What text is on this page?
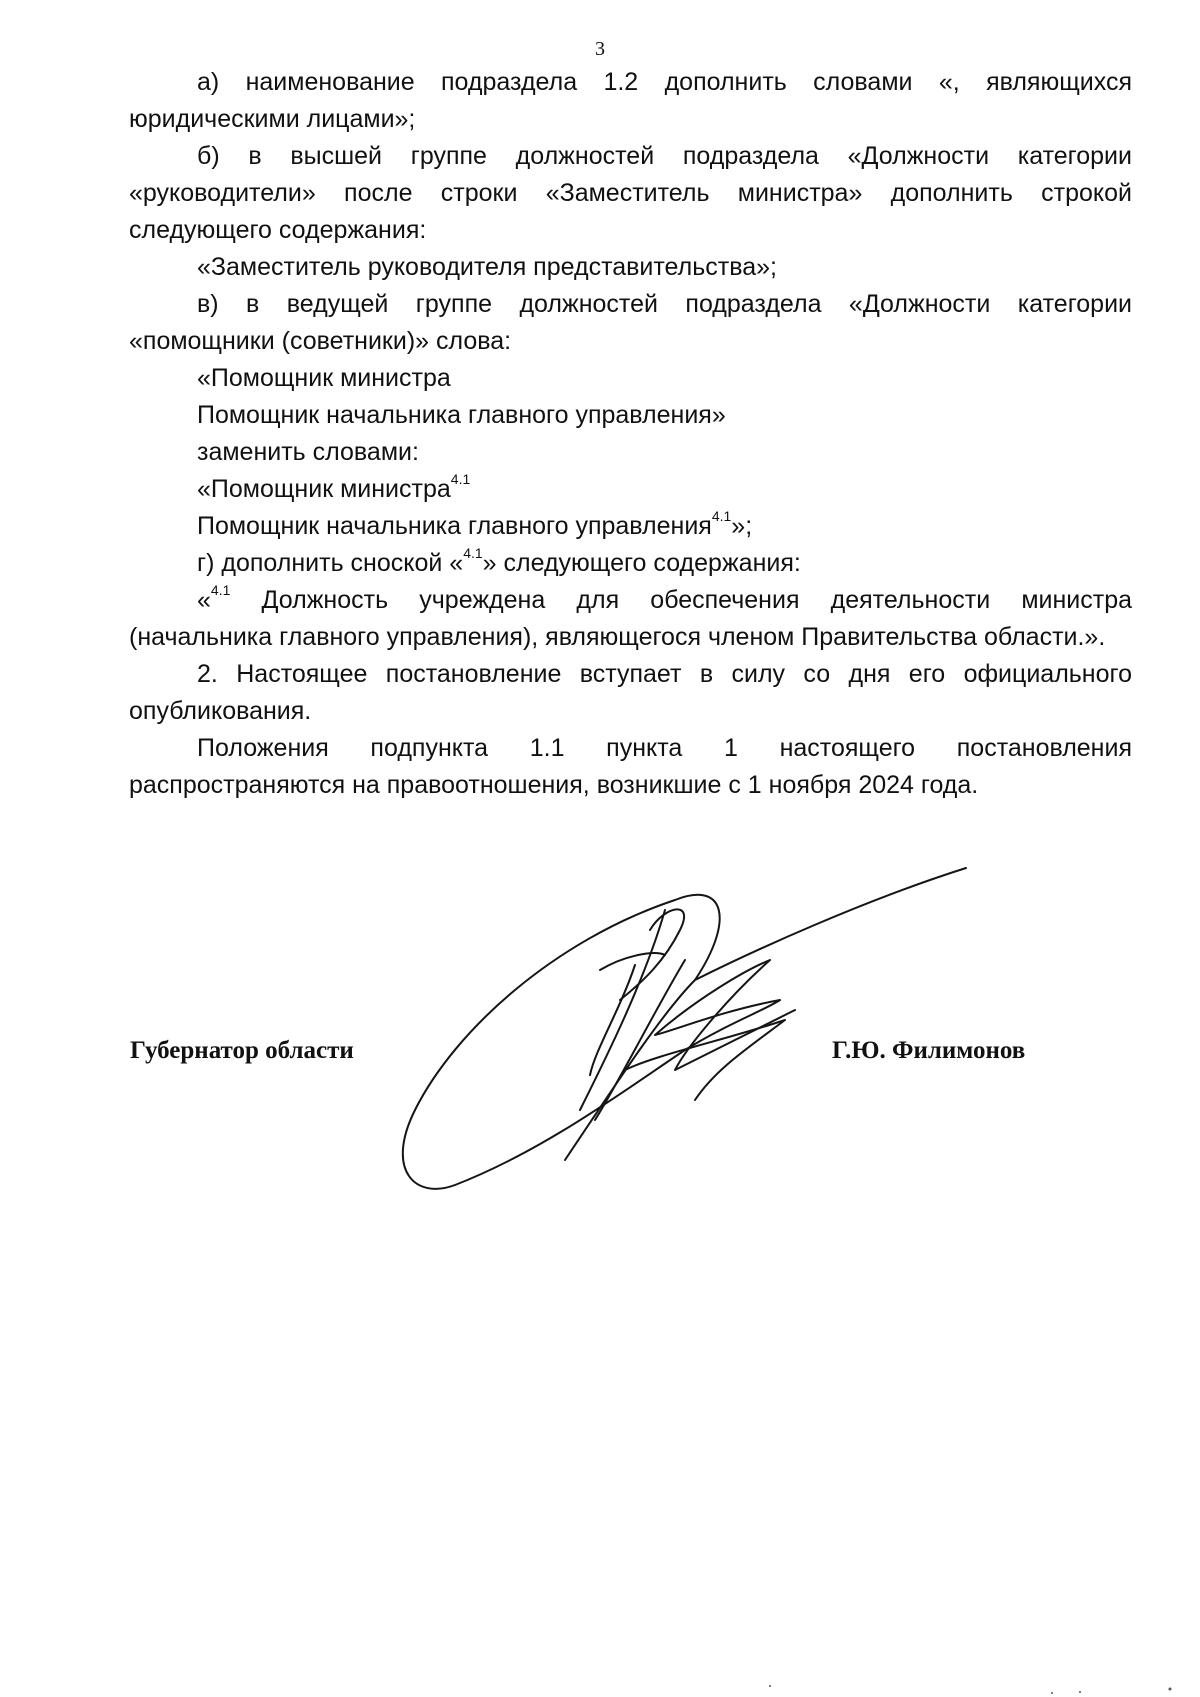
3

а) наименование подраздела 1.2 дополнить словами «, являющихся юридическими лицами»;

б) в высшей группе должностей подраздела «Должности категории «руководители» после строки «Заместитель министра» дополнить строкой следующего содержания:

«Заместитель руководителя представительства»;

в) в ведущей группе должностей подраздела «Должности категории «помощники (советники)» слова:

«Помощник министра

Помощник начальника главного управления»

заменить словами:

«Помощник министра$^{4.1}$

Помощник начальника главного управления$^{4.1}$»;

г) дополнить сноской «$^{4.1}$» следующего содержания:

«$^{4.1}$ Должность учреждена для обеспечения деятельности министра (начальника главного управления), являющегося членом Правительства области.».

2. Настоящее постановление вступает в силу со дня его официального опубликования.

Положения подпункта 1.1 пункта 1 настоящего постановления распространяются на правоотношения, возникшие с 1 ноября 2024 года.

Губернатор области	Г.Ю. Филимонов
